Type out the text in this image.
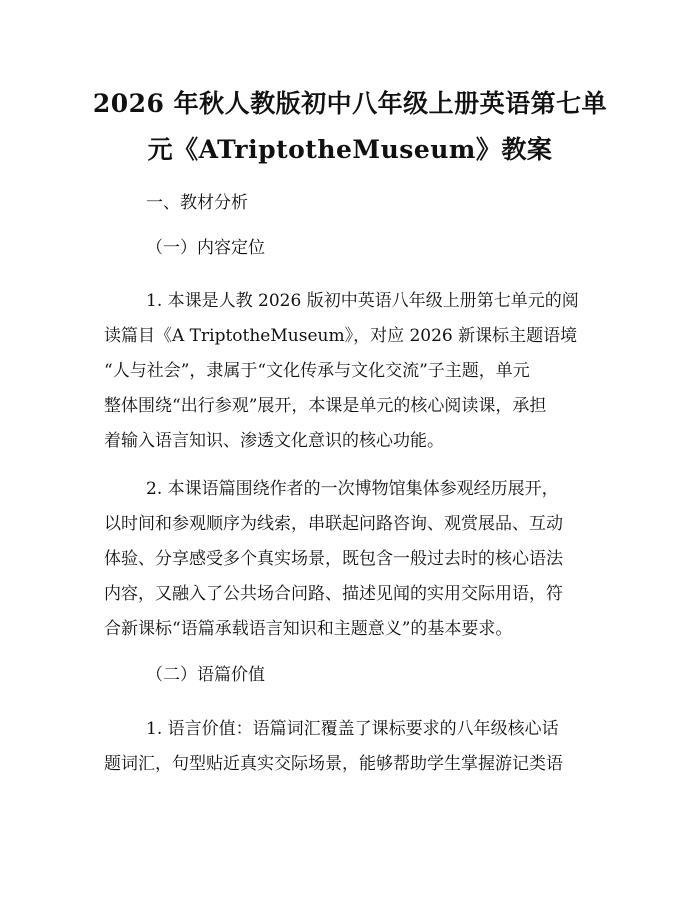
2026 年秋人教版初中八年级上册英语第七单
元《ATriptotheMuseum》教案
一、教材分析
（一）内容定位
1. 本课是人教 2026 版初中英语八年级上册第七单元的阅
读篇目《A TriptotheMuseum》，对应 2026 新课标主题语境
“人与社会”，隶属于“文化传承与文化交流”子主题，单元
整体围绕“出行参观”展开，本课是单元的核心阅读课，承担
着输入语言知识、渗透文化意识的核心功能。
2. 本课语篇围绕作者的一次博物馆集体参观经历展开，
以时间和参观顺序为线索，串联起问路咨询、观赏展品、互动
体验、分享感受多个真实场景，既包含一般过去时的核心语法
内容，又融入了公共场合问路、描述见闻的实用交际用语，符
合新课标“语篇承载语言知识和主题意义”的基本要求。
（二）语篇价值
1. 语言价值：语篇词汇覆盖了课标要求的八年级核心话
题词汇，句型贴近真实交际场景，能够帮助学生掌握游记类语
